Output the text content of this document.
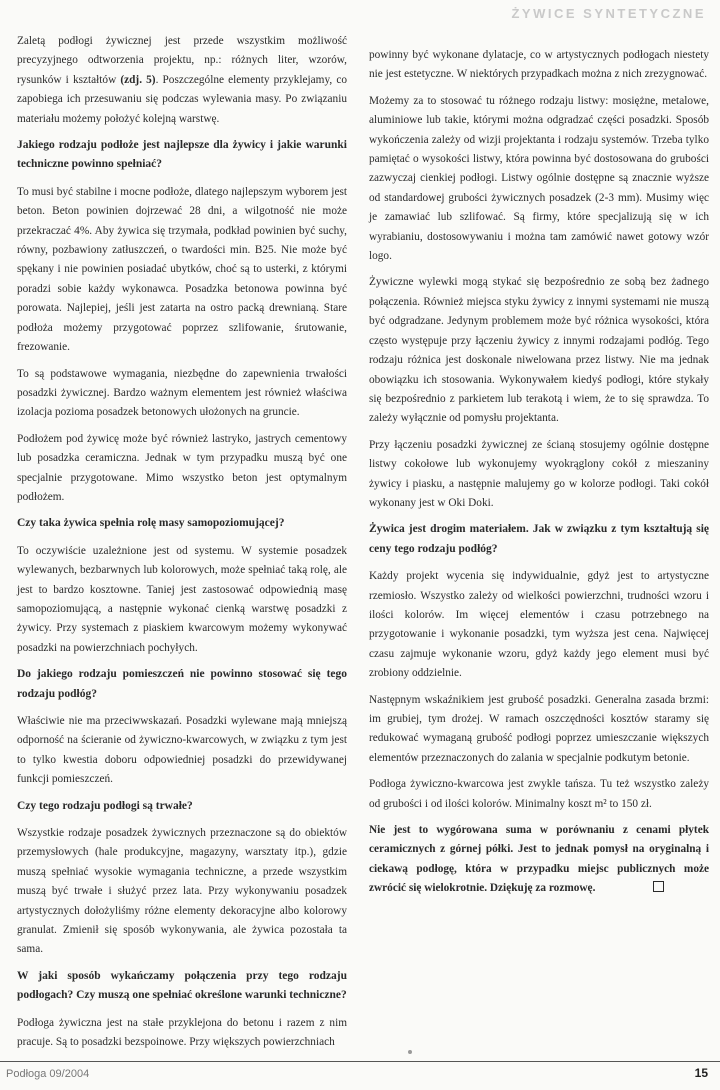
ŻYWICE SYNTETYCZNE

Zaletą podłogi żywicznej jest przede wszystkim możliwość precyzyjnego odtworzenia projektu, np.: różnych liter, wzorów, rysunków i kształtów (zdj. 5). Poszczególne elementy przyklejamy, co zapobiega ich przesuwaniu się podczas wylewania masy. Po związaniu materiału możemy położyć kolejną warstwę.

Jakiego rodzaju podłoże jest najlepsze dla żywicy i jakie warunki techniczne powinno spełniać?

To musi być stabilne i mocne podłoże, dlatego najlepszym wyborem jest beton. Beton powinien dojrzewać 28 dni, a wilgotność nie może przekraczać 4%. Aby żywica się trzymała, podkład powinien być suchy, równy, pozbawiony zatłuszczeń, o twardości min. B25. Nie może być spękany i nie powinien posiadać ubytków, choć są to usterki, z którymi poradzi sobie każdy wykonawca. Posadzka betonowa powinna być porowata. Najlepiej, jeśli jest zatarta na ostro packą drewnianą. Stare podłoża możemy przygotować poprzez szlifowanie, śrutowanie, frezowanie.

To są podstawowe wymagania, niezbędne do zapewnienia trwałości posadzki żywicznej. Bardzo ważnym elementem jest również właściwa izolacja pozioma posadzek betonowych ułożonych na gruncie.

Podłożem pod żywicę może być również lastryko, jastrych cementowy lub posadzka ceramiczna. Jednak w tym przypadku muszą być one specjalnie przygotowane. Mimo wszystko beton jest optymalnym podłożem.

Czy taka żywica spełnia rolę masy samopoziomującej?

To oczywiście uzależnione jest od systemu. W systemie posadzek wylewanych, bezbarwnych lub kolorowych, może spełniać taką rolę, ale jest to bardzo kosztowne. Taniej jest zastosować odpowiednią masę samopoziomującą, a następnie wykonać cienką warstwę posadzki z żywicy. Przy systemach z piaskiem kwarcowym możemy wykonywać posadzki na powierzchniach pochyłych.

Do jakiego rodzaju pomieszczeń nie powinno stosować się tego rodzaju podłóg?

Właściwie nie ma przeciwwskazań. Posadzki wylewane mają mniejszą odporność na ścieranie od żywiczno-kwarcowych, w związku z tym jest to tylko kwestia doboru odpowiedniej posadzki do przewidywanej funkcji pomieszczeń.

Czy tego rodzaju podłogi są trwałe?

Wszystkie rodzaje posadzek żywicznych przeznaczone są do obiektów przemysłowych (hale produkcyjne, magazyny, warsztaty itp.), gdzie muszą spełniać wysokie wymagania techniczne, a przede wszystkim muszą być trwałe i służyć przez lata. Przy wykonywaniu posadzek artystycznych dołożyliśmy różne elementy dekoracyjne albo kolorowy granulat. Zmienił się sposób wykonywania, ale żywica pozostała ta sama.

W jaki sposób wykańczamy połączenia przy tego rodzaju podłogach? Czy muszą one spełniać określone warunki techniczne?

Podłoga żywiczna jest na stałe przyklejona do betonu i razem z nim pracuje. Są to posadzki bezspoinowe. Przy większych powierzchniach

powinny być wykonane dylatacje, co w artystycznych podłogach niestety nie jest estetyczne. W niektórych przypadkach można z nich zrezygnować.

Możemy za to stosować tu różnego rodzaju listwy: mosiężne, metalowe, aluminiowe lub takie, którymi można odgradzać części posadzki. Sposób wykończenia zależy od wizji projektanta i rodzaju systemów. Trzeba tylko pamiętać o wysokości listwy, która powinna być dostosowana do grubości zazwyczaj cienkiej podłogi. Listwy ogólnie dostępne są znacznie wyższe od standardowej grubości żywicznych posadzek (2-3 mm). Musimy więc je zamawiać lub szlifować. Są firmy, które specjalizują się w ich wyrabianiu, dostosowywaniu i można tam zamówić nawet gotowy wzór logo.

Żywiczne wylewki mogą stykać się bezpośrednio ze sobą bez żadnego połączenia. Również miejsca styku żywicy z innymi systemami nie muszą być odgradzane. Jedynym problemem może być różnica wysokości, która często występuje przy łączeniu żywicy z innymi rodzajami podłóg. Tego rodzaju różnica jest doskonale niwelowana przez listwy. Nie ma jednak obowiązku ich stosowania. Wykonywałem kiedyś podłogi, które stykały się bezpośrednio z parkietem lub terakotą i wiem, że to się sprawdza. To zależy wyłącznie od pomysłu projektanta.

Przy łączeniu posadzki żywicznej ze ścianą stosujemy ogólnie dostępne listwy cokołowe lub wykonujemy wyokrąglony cokół z mieszaniny żywicy i piasku, a następnie malujemy go w kolorze podłogi. Taki cokół wykonany jest w Oki Doki.

Żywica jest drogim materiałem. Jak w związku z tym kształtują się ceny tego rodzaju podłóg?

Każdy projekt wycenia się indywidualnie, gdyż jest to artystyczne rzemiosło. Wszystko zależy od wielkości powierzchni, trudności wzoru i ilości kolorów. Im więcej elementów i czasu potrzebnego na przygotowanie i wykonanie posadzki, tym wyższa jest cena. Najwięcej czasu zajmuje wykonanie wzoru, gdyż każdy jego element musi być zrobiony oddzielnie.

Następnym wskaźnikiem jest grubość posadzki. Generalna zasada brzmi: im grubiej, tym drożej. W ramach oszczędności kosztów staramy się redukować wymaganą grubość podłogi poprzez umieszczanie większych elementów przeznaczonych do zalania w specjalnie podkutym betonie.

Podłoga żywiczno-kwarcowa jest zwykle tańsza. Tu też wszystko zależy od grubości i od ilości kolorów. Minimalny koszt m² to 150 zł.

Nie jest to wygórowana suma w porównaniu z cenami płytek ceramicznych z górnej półki. Jest to jednak pomysł na oryginalną i ciekawą podłogę, która w przypadku miejsc publicznych może zwrócić się wielokrotnie. Dziękuję za rozmowę.

Podłoga 09/2004	15
